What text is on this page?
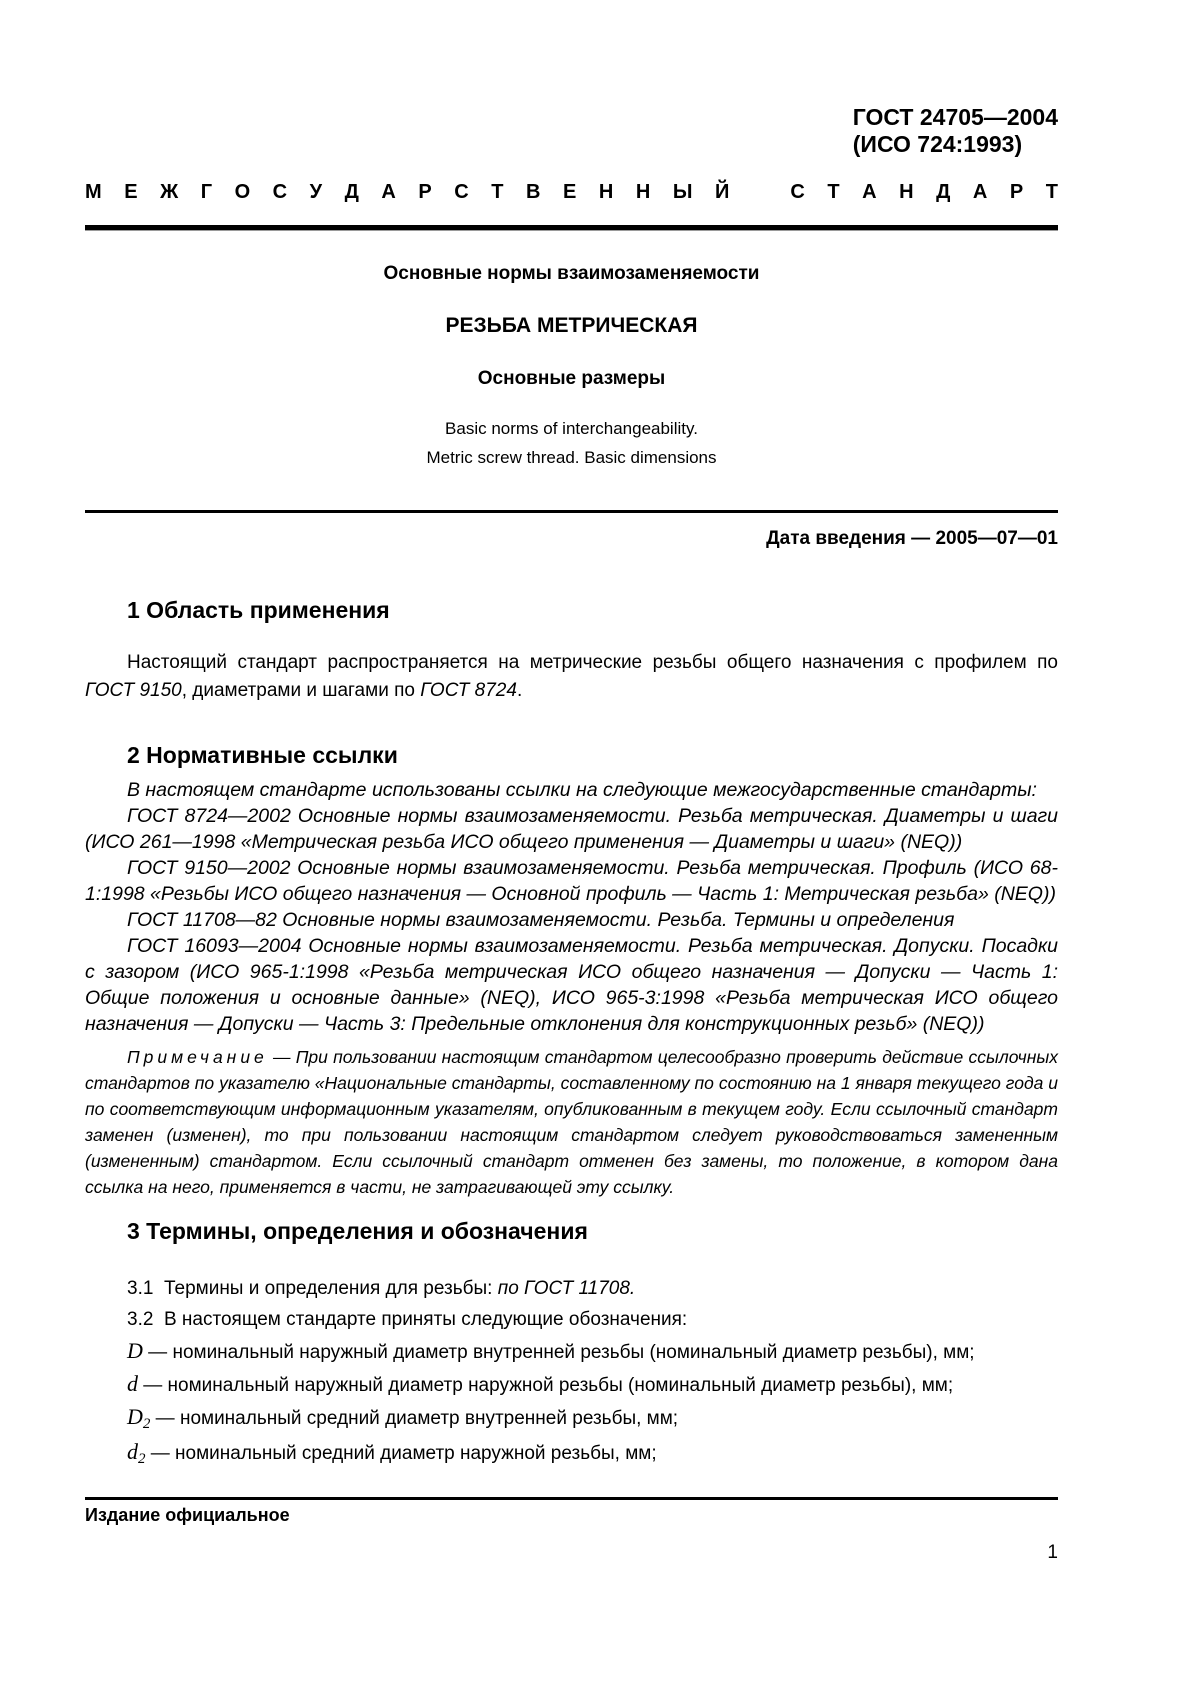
ГОСТ 24705—2004
(ИСО 724:1993)
М Е Ж Г О С У Д А Р С Т В Е Н Н Ы Й
	С Т А Н Д А Р Т
Основные нормы взаимозаменяемости
РЕЗЬБА МЕТРИЧЕСКАЯ
Основные размеры
Basic norms of interchangeability.
Metric screw thread. Basic dimensions
Дата введения — 2005—07—01
1 Область применения

Настоящий стандарт распространяется на метрические резьбы общего назначения с профилем по ГОСТ 9150, диаметрами и шагами по ГОСТ 8724.

2 Нормативные ссылки

В настоящем стандарте использованы ссылки на следующие межгосударственные стандарты:

ГОСТ 8724—2002 Основные нормы взаимозаменяемости. Резьба метрическая. Диаметры и шаги (ИСО 261—1998 «Метрическая резьба ИСО общего применения — Диаметры и шаги» (NEQ))

ГОСТ 9150—2002 Основные нормы взаимозаменяемости. Резьба метрическая. Профиль (ИСО 68-1:1998 «Резьбы ИСО общего назначения — Основной профиль — Часть 1: Метрическая резьба» (NEQ))

ГОСТ 11708—82 Основные нормы взаимозаменяемости. Резьба. Термины и определения

ГОСТ 16093—2004 Основные нормы взаимозаменяемости. Резьба метрическая. Допуски. Посадки с зазором (ИСО 965-1:1998 «Резьба метрическая ИСО общего назначения — Допуски — Часть 1: Общие положения и основные данные» (NEQ), ИСО 965-3:1998 «Резьба метрическая ИСО общего назначения — Допуски — Часть 3: Предельные отклонения для конструкционных резьб» (NEQ))

Примечание — При пользовании настоящим стандартом целесообразно проверить действие ссылочных стандартов по указателю «Национальные стандарты, составленному по состоянию на 1 января текущего года и по соответствующим информационным указателям, опубликованным в текущем году. Если ссылочный стандарт заменен (изменен), то при пользовании настоящим стандартом следует руководствоваться замененным (измененным) стандартом. Если ссылочный стандарт отменен без замены, то положение, в котором дана ссылка на него, применяется в части, не затрагивающей эту ссылку.

3 Термины, определения и обозначения

3.1  Термины и определения для резьбы: по ГОСТ 11708.

3.2  В настоящем стандарте приняты следующие обозначения:

D — номинальный наружный диаметр внутренней резьбы (номинальный диаметр резьбы), мм;

d — номинальный наружный диаметр наружной резьбы (номинальный диаметр резьбы), мм;

$D_2$ — номинальный средний диаметр внутренней резьбы, мм;

$d_2$ — номинальный средний диаметр наружной резьбы, мм;

Издание официальное
1
